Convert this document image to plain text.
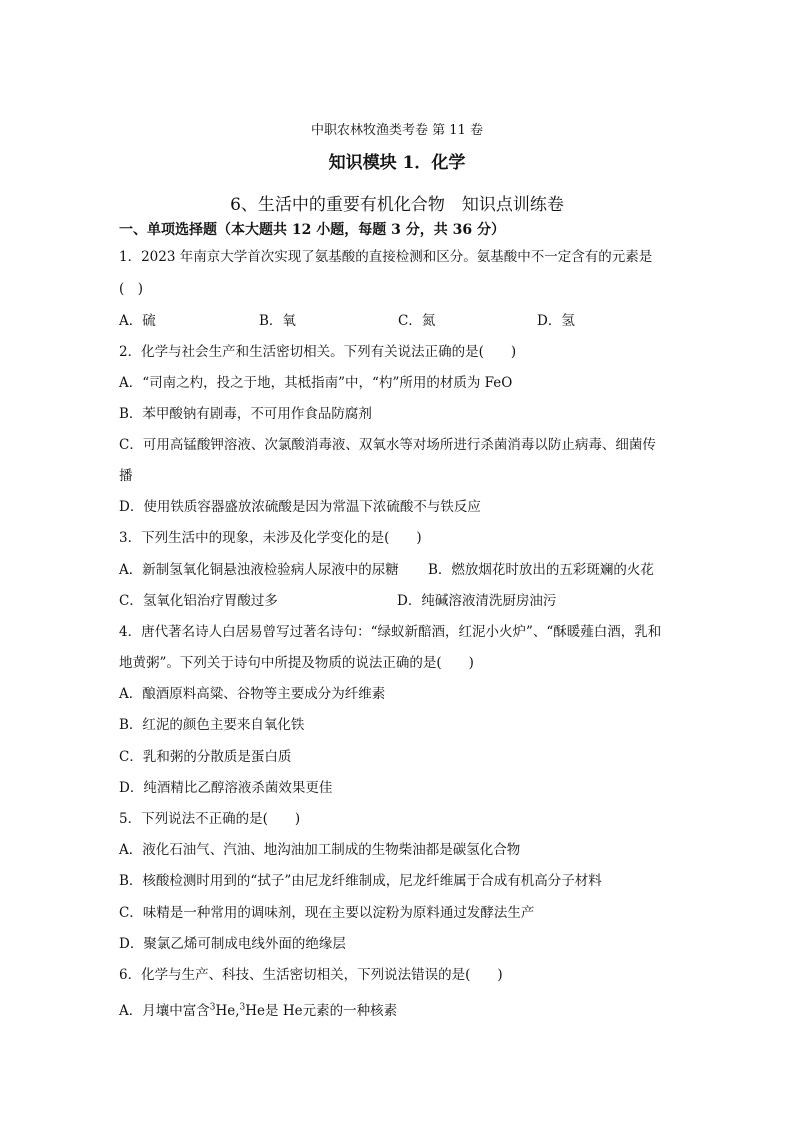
中职农林牧渔类考卷 第 11 卷
知识模块 1．化学
6、生活中的重要有机化合物　知识点训练卷
一、单项选择题（本大题共 12 小题，每题 3 分，共 36 分）
1．2023 年南京大学首次实现了氨基酸的直接检测和区分。氨基酸中不一定含有的元素是
(　)
A．硫	B．氧	C．氮	D．氢
2．化学与社会生产和生活密切相关。下列有关说法正确的是(　　)
A．“司南之杓，投之于地，其柢指南”中，“杓”所用的材质为 FeO
B．苯甲酸钠有剧毒，不可用作食品防腐剂
C．可用高锰酸钾溶液、次氯酸消毒液、双氧水等对场所进行杀菌消毒以防止病毒、细菌传
播
D．使用铁质容器盛放浓硫酸是因为常温下浓硫酸不与铁反应
3．下列生活中的现象，未涉及化学变化的是(　　)
A．新制氢氧化铜悬浊液检验病人尿液中的尿糖 B．燃放烟花时放出的五彩斑斓的火花
C．氢氧化铝治疗胃酸过多	D．纯碱溶液清洗厨房油污
4．唐代著名诗人白居易曾写过著名诗句：“绿蚁新醅酒，红泥小火炉”、“酥暖薤白酒，乳和
地黄粥”。下列关于诗句中所提及物质的说法正确的是(　　)
A．酿酒原料高粱、谷物等主要成分为纤维素
B．红泥的颜色主要来自氧化铁
C．乳和粥的分散质是蛋白质
D．纯酒精比乙醇溶液杀菌效果更佳
5．下列说法不正确的是(　　)
A．液化石油气、汽油、地沟油加工制成的生物柴油都是碳氢化合物
B．核酸检测时用到的“拭子”由尼龙纤维制成，尼龙纤维属于合成有机高分子材料
C．味精是一种常用的调味剂，现在主要以淀粉为原料通过发酵法生产
D．聚氯乙烯可制成电线外面的绝缘层
6．化学与生产、科技、生活密切相关，下列说法错误的是(　　)
A．月壤中富含$^3$He,$^3$He是 He元素的一种核素
